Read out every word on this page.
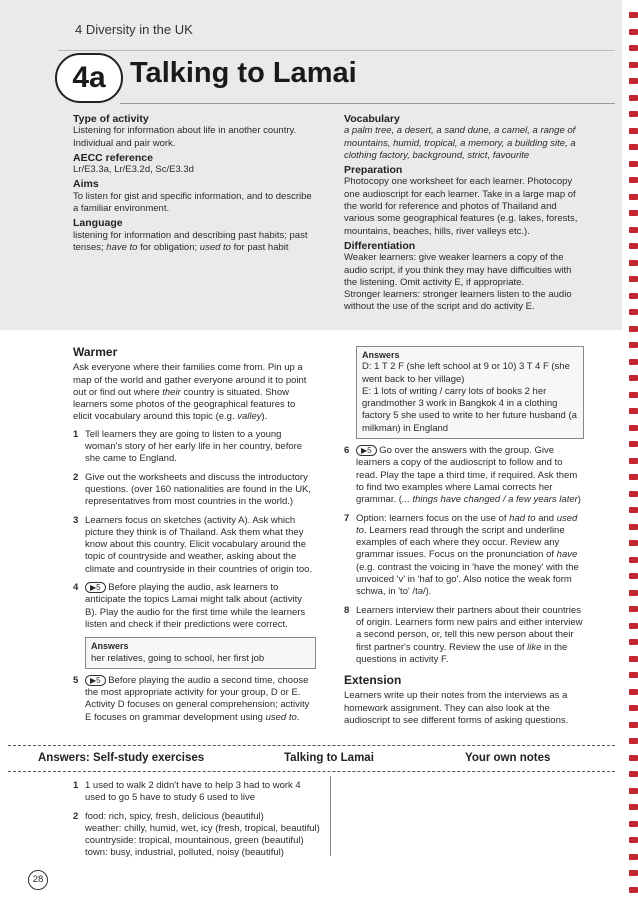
4 Diversity in the UK
4a Talking to Lamai
Type of activity

Listening for information about life in another country. Individual and pair work.

AECC reference

Lr/E3.3a, Lr/E3.2d, Sc/E3.3d

Aims

To listen for gist and specific information, and to describe a familiar environment.

Language

listening for information and describing past habits; past tenses; have to for obligation; used to for past habit

Vocabulary

a palm tree, a desert, a sand dune, a camel, a range of mountains, humid, tropical, a memory, a building site, a clothing factory, background, strict, favourite

Preparation

Photocopy one worksheet for each learner. Photocopy one audioscript for each learner. Take in a large map of the world for reference and photos of Thailand and various some geographical features (e.g. lakes, forests, mountains, beaches, hills, river valleys etc.).

Differentiation

Weaker learners: give weaker learners a copy of the audio script, if you think they may have difficulties with the listening. Omit activity E, if appropriate.

Stronger learners: stronger learners listen to the audio without the use of the script and do activity E.

Warmer

Ask everyone where their families come from. Pin up a map of the world and gather everyone around it to point out or find out where their country is situated. Show learners some photos of the geographical features to elicit vocabulary around this topic (e.g. valley).

1 Tell learners they are going to listen to a young woman's story of her early life in her country, before she came to England.
2 Give out the worksheets and discuss the introductory questions. (over 160 nationalities are found in the UK, representatives from most countries in the world.)
3 Learners focus on sketches (activity A). Ask which picture they think is of Thailand. Ask them what they know about this country. Elicit vocabulary around the topic of countryside and weather, asking about the climate and countryside in their countries of origin too.
4 ▶5 Before playing the audio, ask learners to anticipate the topics Lamai might talk about (activity B). Play the audio for the first time while the learners listen and check if their predictions were correct.
Answers
her relatives, going to school, her first job
5 ▶5 Before playing the audio a second time, choose the most appropriate activity for your group, D or E. Activity D focuses on general comprehension; activity E focuses on grammar development using used to.
Answers
D: 1 T 2 F (she left school at 9 or 10) 3 T 4 F (she went back to her village)
E: 1 lots of writing / carry lots of books 2 her grandmother 3 work in Bangkok 4 in a clothing factory 5 she used to write to her future husband (a milkman) in England
6 ▶5 Go over the answers with the group. Give learners a copy of the audioscript to follow and to read. Play the tape a third time, if required. Ask them to find two examples where Lamai corrects her grammar. (... things have changed / a few years later)
7 Option: learners focus on the use of had to and used to. Learners read through the script and underline examples of each where they occur. Review any grammar issues. Focus on the pronunciation of have (e.g. contrast the voicing in 'have the money' with the unvoiced 'v' in 'haf to go'. Also notice the weak form schwa, in 'to' /tə/).
8 Learners interview their partners about their countries of origin. Learners form new pairs and either interview a second person, or, tell this new person about their first partner's country. Review the use of like in the questions in activity F.
Extension

Learners write up their notes from the interviews as a homework assignment. They can also look at the audioscript to see different forms of asking questions.

Answers: Self-study exercises	Talking to Lamai	Your own notes
1 1 used to walk 2 didn't have to help 3 had to work 4 used to go 5 have to study 6 used to live
2 food: rich, spicy, fresh, delicious (beautiful)
weather: chilly, humid, wet, icy (fresh, tropical, beautiful)
countryside: tropical, mountainous, green (beautiful)
town: busy, industrial, polluted, noisy (beautiful)
28
